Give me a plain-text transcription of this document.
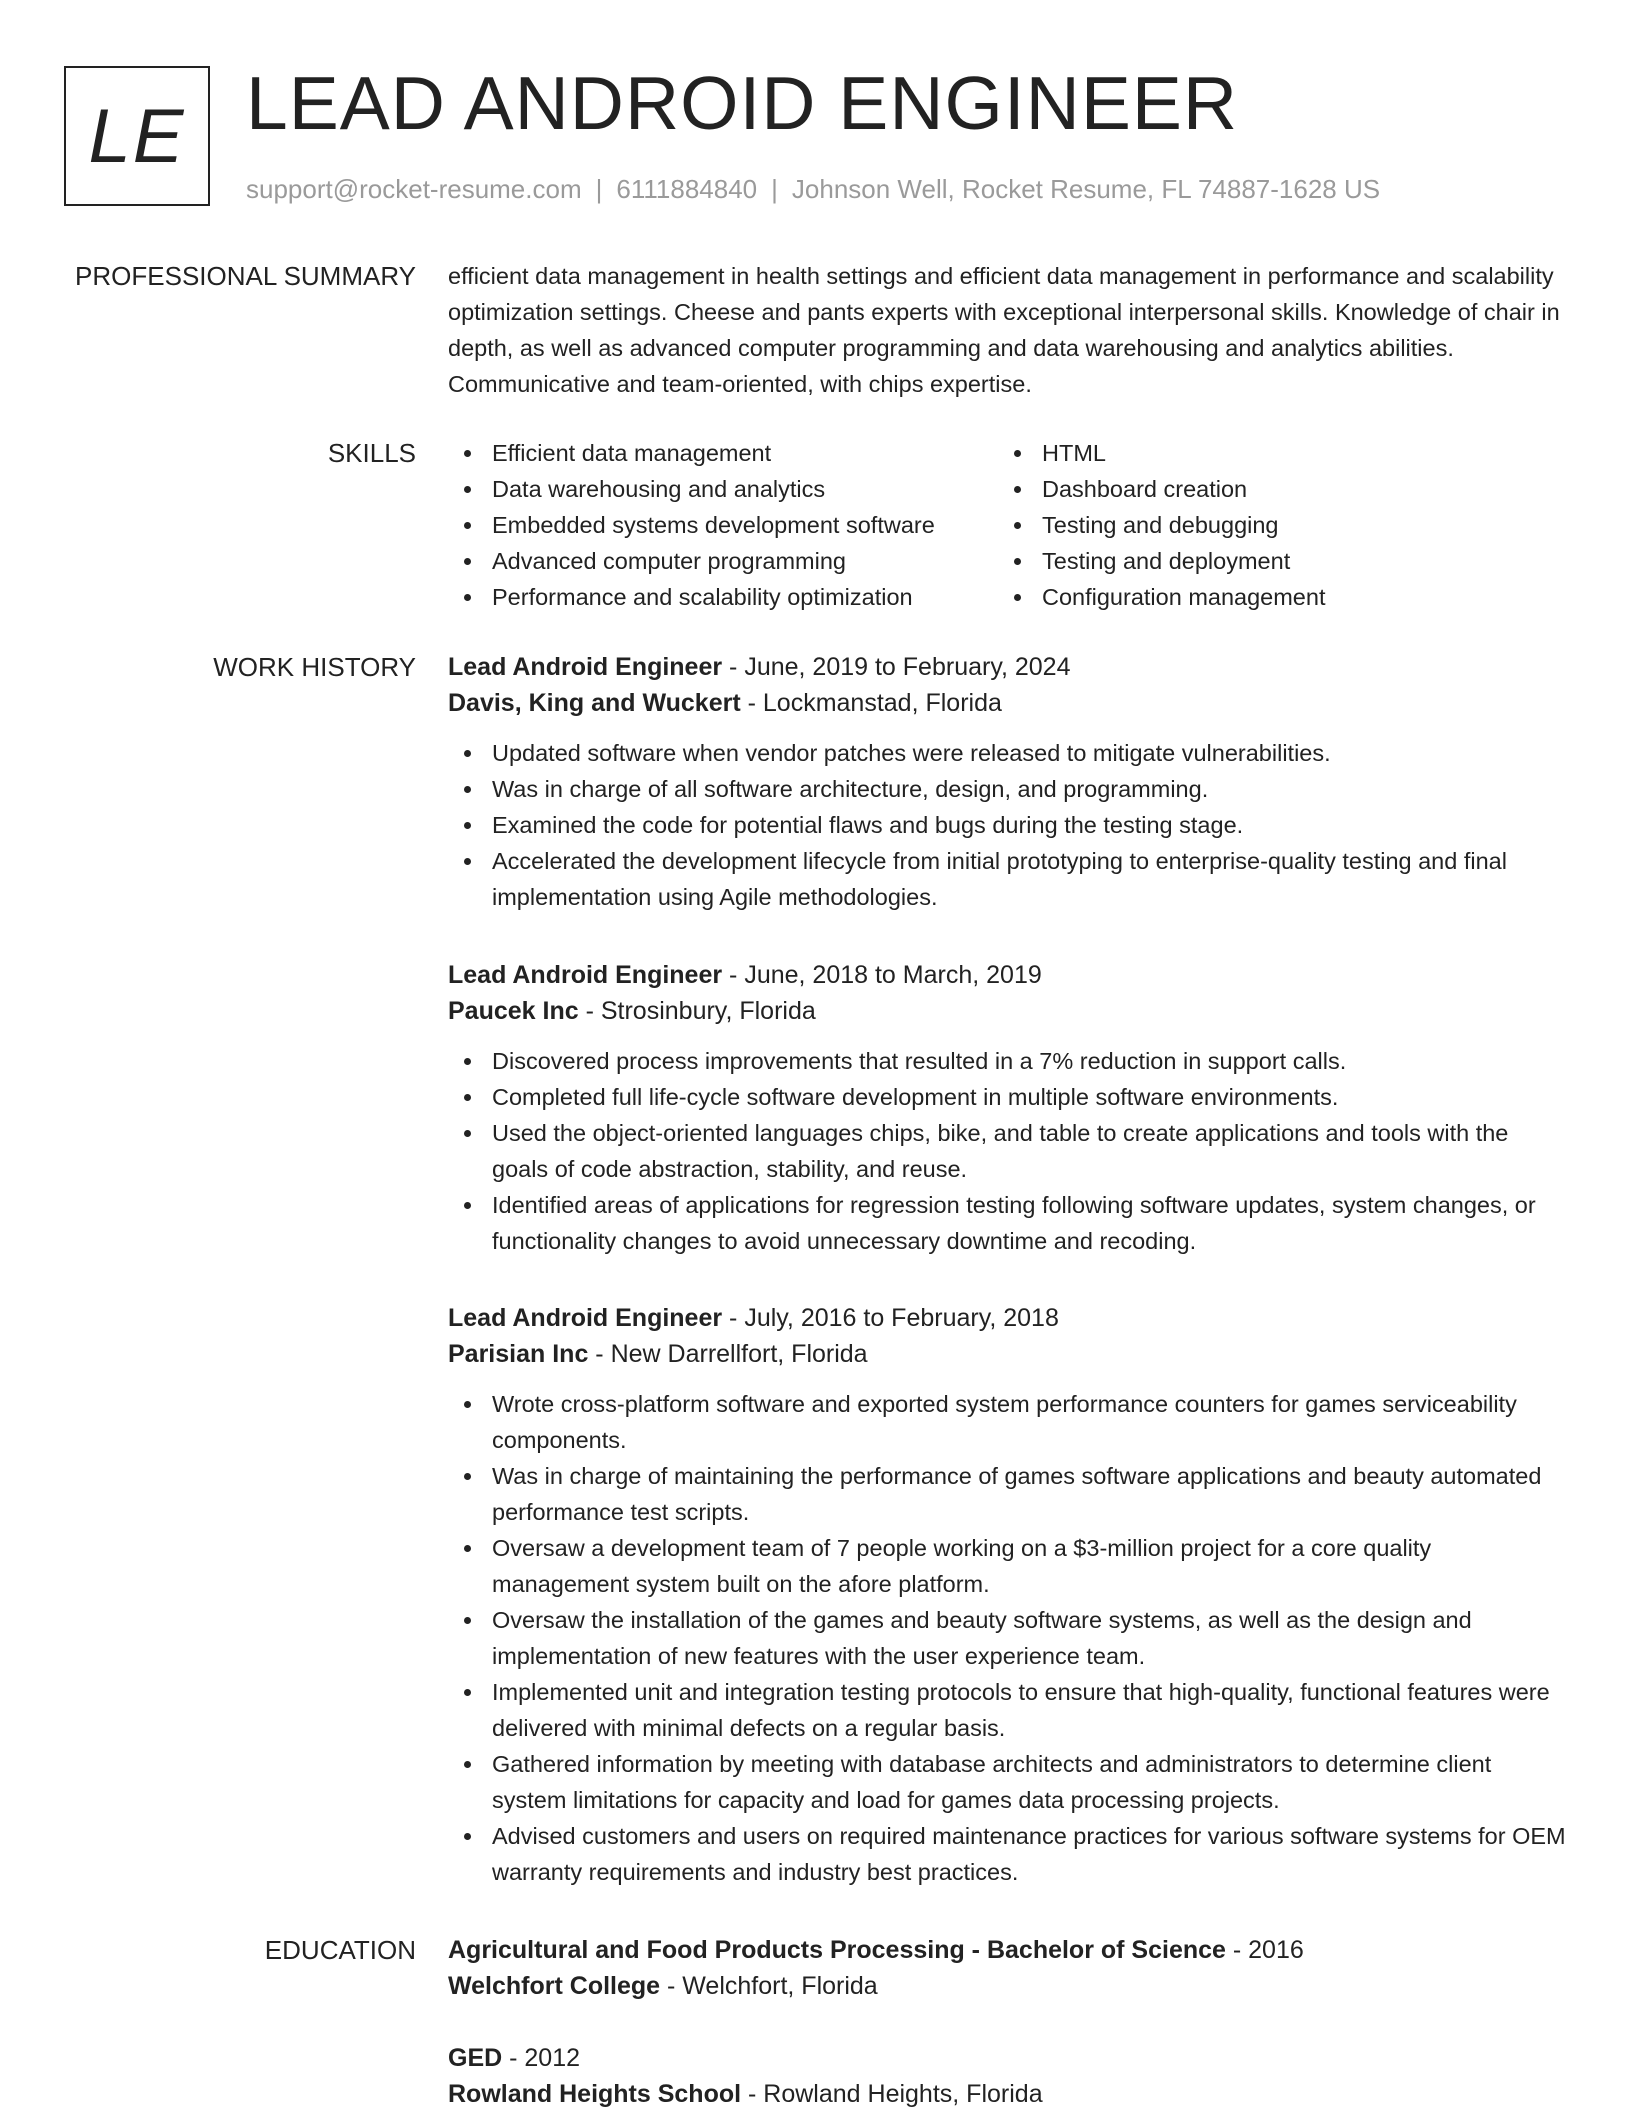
LE LEAD ANDROID ENGINEER
support@rocket-resume.com | 6111884840 | Johnson Well, Rocket Resume, FL 74887-1628 US
PROFESSIONAL SUMMARY efficient data management in health settings and efficient data management in performance and scalability optimization settings. Cheese and pants experts with exceptional interpersonal skills. Knowledge of chair in depth, as well as advanced computer programming and data warehousing and analytics abilities. Communicative and team-oriented, with chips expertise.

SKILLS	Efficient data management
Data warehousing and analytics
Embedded systems development software
Advanced computer programming
Performance and scalability optimization
HTML
Dashboard creation
Testing and debugging
Testing and deployment
Configuration management
WORK HISTORY Lead Android Engineer - June, 2019 to February, 2024
Davis, King and Wuckert - Lockmanstad, Florida
Updated software when vendor patches were released to mitigate vulnerabilities.
Was in charge of all software architecture, design, and programming.
Examined the code for potential flaws and bugs during the testing stage.
Accelerated the development lifecycle from initial prototyping to enterprise-quality testing and final implementation using Agile methodologies.
Lead Android Engineer - June, 2018 to March, 2019
Paucek Inc - Strosinbury, Florida
Discovered process improvements that resulted in a 7% reduction in support calls.
Completed full life-cycle software development in multiple software environments.
Used the object-oriented languages chips, bike, and table to create applications and tools with the goals of code abstraction, stability, and reuse.
Identified areas of applications for regression testing following software updates, system changes, or functionality changes to avoid unnecessary downtime and recoding.
Lead Android Engineer - July, 2016 to February, 2018
Parisian Inc - New Darrellfort, Florida
Wrote cross-platform software and exported system performance counters for games serviceability components.
Was in charge of maintaining the performance of games software applications and beauty automated performance test scripts.
Oversaw a development team of 7 people working on a $3-million project for a core quality management system built on the afore platform.
Oversaw the installation of the games and beauty software systems, as well as the design and implementation of new features with the user experience team.
Implemented unit and integration testing protocols to ensure that high-quality, functional features were delivered with minimal defects on a regular basis.
Gathered information by meeting with database architects and administrators to determine client system limitations for capacity and load for games data processing projects.
Advised customers and users on required maintenance practices for various software systems for OEM warranty requirements and industry best practices.
EDUCATION Agricultural and Food Products Processing - Bachelor of Science - 2016
Welchfort College - Welchfort, Florida
GED - 2012
Rowland Heights School - Rowland Heights, Florida
